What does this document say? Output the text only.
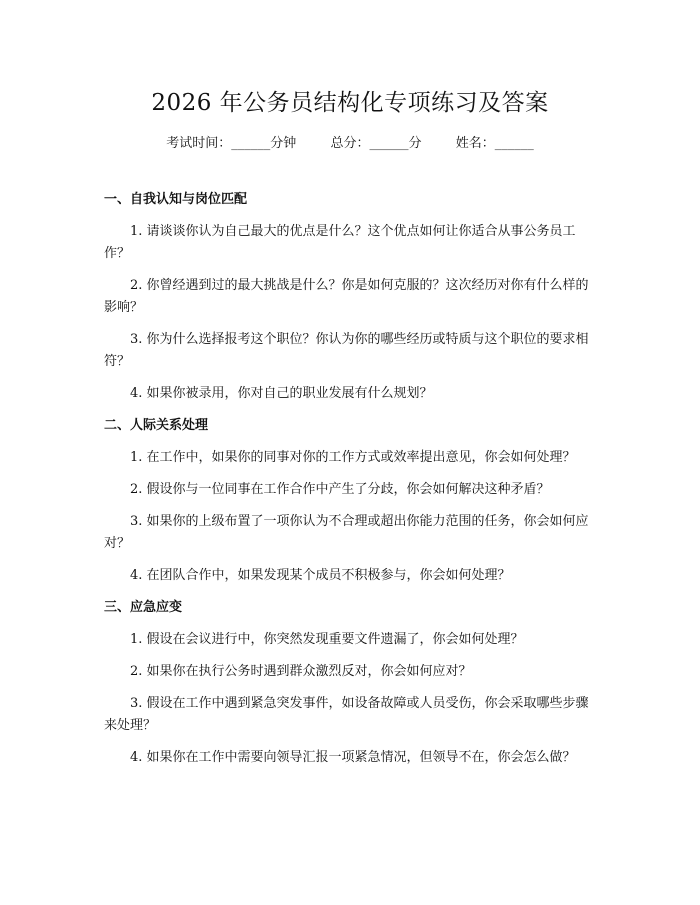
2026 年公务员结构化专项练习及答案
考试时间：______分钟	总分：______分	姓名：______
一、自我认知与岗位匹配

1. 请谈谈你认为自己最大的优点是什么？这个优点如何让你适合从事公务员工作？

2. 你曾经遇到过的最大挑战是什么？你是如何克服的？这次经历对你有什么样的影响？

3. 你为什么选择报考这个职位？你认为你的哪些经历或特质与这个职位的要求相符？

4. 如果你被录用，你对自己的职业发展有什么规划？

二、人际关系处理

1. 在工作中，如果你的同事对你的工作方式或效率提出意见，你会如何处理？

2. 假设你与一位同事在工作合作中产生了分歧，你会如何解决这种矛盾？

3. 如果你的上级布置了一项你认为不合理或超出你能力范围的任务，你会如何应对？

4. 在团队合作中，如果发现某个成员不积极参与，你会如何处理？

三、应急应变

1. 假设在会议进行中，你突然发现重要文件遗漏了，你会如何处理？

2. 如果你在执行公务时遇到群众激烈反对，你会如何应对？

3. 假设在工作中遇到紧急突发事件，如设备故障或人员受伤，你会采取哪些步骤来处理？

4. 如果你在工作中需要向领导汇报一项紧急情况，但领导不在，你会怎么做？
